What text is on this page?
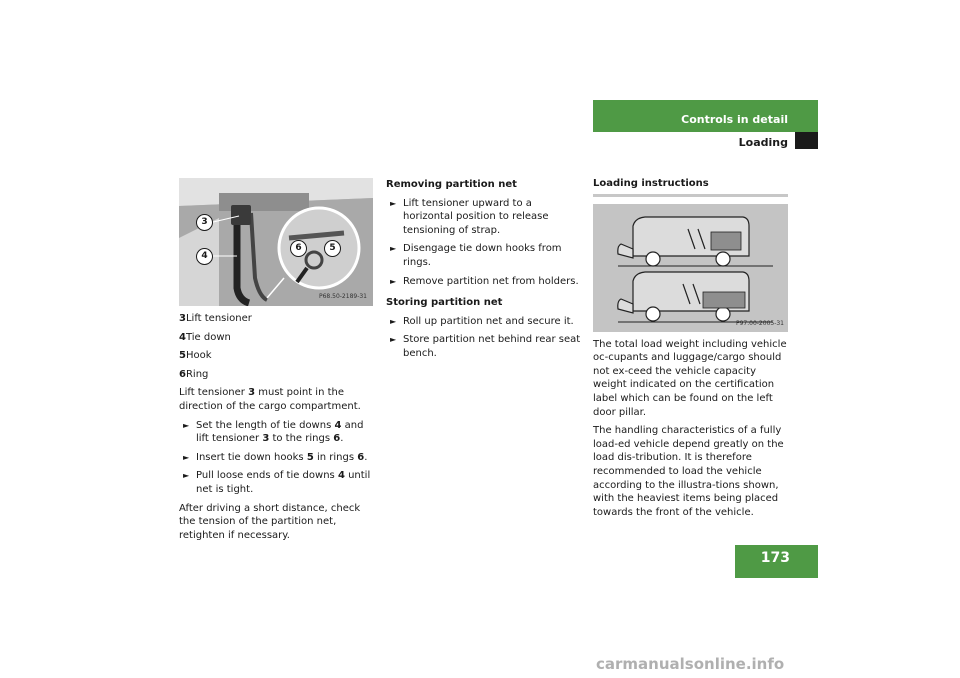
Controls in detail
Loading
3
4
6	5
P68.50-2189-31

3Lift tensioner

4Tie down

5Hook

6Ring

Lift tensioner 3 must point in the direction of the cargo compartment.

► Set the length of tie downs 4 and lift tensioner 3 to the rings 6.
► Insert tie down hooks 5 in rings 6.
► Pull loose ends of tie downs 4 until net is tight.

After driving a short distance, check the tension of the partition net, retighten if necessary.

Removing partition net

► Lift tensioner upward to a horizontal position to release tensioning of strap.
► Disengage tie down hooks from rings.
► Remove partition net from holders.

Storing partition net

► Roll up partition net and secure it.
► Store partition net behind rear seat bench.
Loading instructions
P97.00-2005-31

The total load weight including vehicle oc-cupants and luggage/cargo should not ex-ceed the vehicle capacity weight indicated on the certification label which can be found on the left door pillar.

The handling characteristics of a fully load-ed vehicle depend greatly on the load dis-tribution. It is therefore recommended to load the vehicle according to the illustra-tions shown, with the heaviest items being placed towards the front of the vehicle.

173
carmanualsonline.info
